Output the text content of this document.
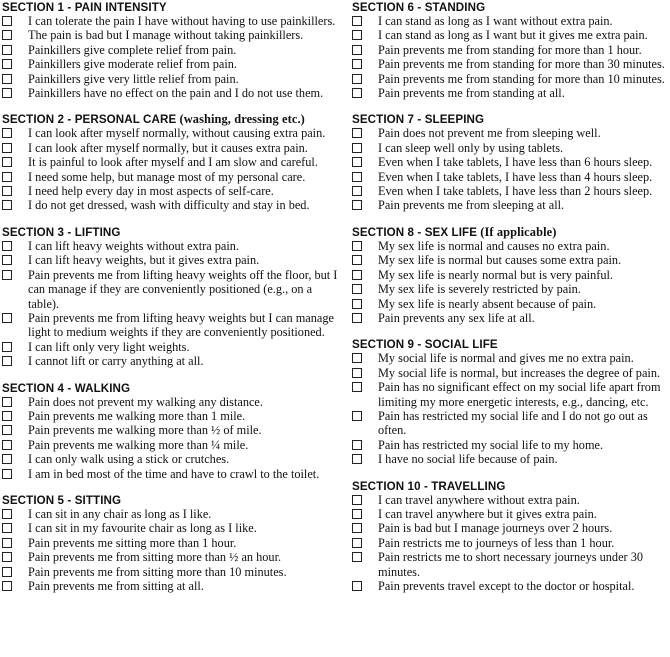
SECTION 1 - PAIN INTENSITY
I can tolerate the pain I have without having to use painkillers.
The pain is bad but I manage without taking painkillers.
Painkillers give complete relief from pain.
Painkillers give moderate relief from pain.
Painkillers give very little relief from pain.
Painkillers have no effect on the pain and I do not use them.
SECTION 2 - PERSONAL CARE (washing, dressing etc.)
I can look after myself normally, without causing extra pain.
I can look after myself normally, but it causes extra pain.
It is painful to look after myself and I am slow and careful.
I need some help, but manage most of my personal care.
I need help every day in most aspects of self-care.
I do not get dressed, wash with difficulty and stay in bed.
SECTION 3 - LIFTING
I can lift heavy weights without extra pain.
I can lift heavy weights, but it gives extra pain.
Pain prevents me from lifting heavy weights off the floor, but I can manage if they are conveniently positioned (e.g., on a table).
Pain prevents me from lifting heavy weights but I can manage light to medium weights if they are conveniently positioned.
I can lift only very light weights.
I cannot lift or carry anything at all.
SECTION 4 - WALKING
Pain does not prevent my walking any distance.
Pain prevents me walking more than 1 mile.
Pain prevents me walking more than ½ of mile.
Pain prevents me walking more than ¼ mile.
I can only walk using a stick or crutches.
I am in bed most of the time and have to crawl to the toilet.
SECTION 5 - SITTING
I can sit in any chair as long as I like.
I can sit in my favourite chair as long as I like.
Pain prevents me sitting more than 1 hour.
Pain prevents me from sitting more than ½ an hour.
Pain prevents me from sitting more than 10 minutes.
Pain prevents me from sitting at all.
SECTION 6 - STANDING
I can stand as long as I want without extra pain.
I can stand as long as I want but it gives me extra pain.
Pain prevents me from standing for more than 1 hour.
Pain prevents me from standing for more than 30 minutes.
Pain prevents me from standing for more than 10 minutes.
Pain prevents me from standing at all.
SECTION 7 - SLEEPING
Pain does not prevent me from sleeping well.
I can sleep well only by using tablets.
Even when I take tablets, I have less than 6 hours sleep.
Even when I take tablets, I have less than 4 hours sleep.
Even when I take tablets, I have less than 2 hours sleep.
Pain prevents me from sleeping at all.
SECTION 8 - SEX LIFE (If applicable)
My sex life is normal and causes no extra pain.
My sex life is normal but causes some extra pain.
My sex life is nearly normal but is very painful.
My sex life is severely restricted by pain.
My sex life is nearly absent because of pain.
Pain prevents any sex life at all.
SECTION 9 - SOCIAL LIFE
My social life is normal and gives me no extra pain.
My social life is normal, but increases the degree of pain.
Pain has no significant effect on my social life apart from limiting my more energetic interests, e.g., dancing, etc.
Pain has restricted my social life and I do not go out as often.
Pain has restricted my social life to my home.
I have no social life because of pain.
SECTION 10 - TRAVELLING
I can travel anywhere without extra pain.
I can travel anywhere but it gives extra pain.
Pain is bad but I manage journeys over 2 hours.
Pain restricts me to journeys of less than 1 hour.
Pain restricts me to short necessary journeys under 30 minutes.
Pain prevents travel except to the doctor or hospital.
